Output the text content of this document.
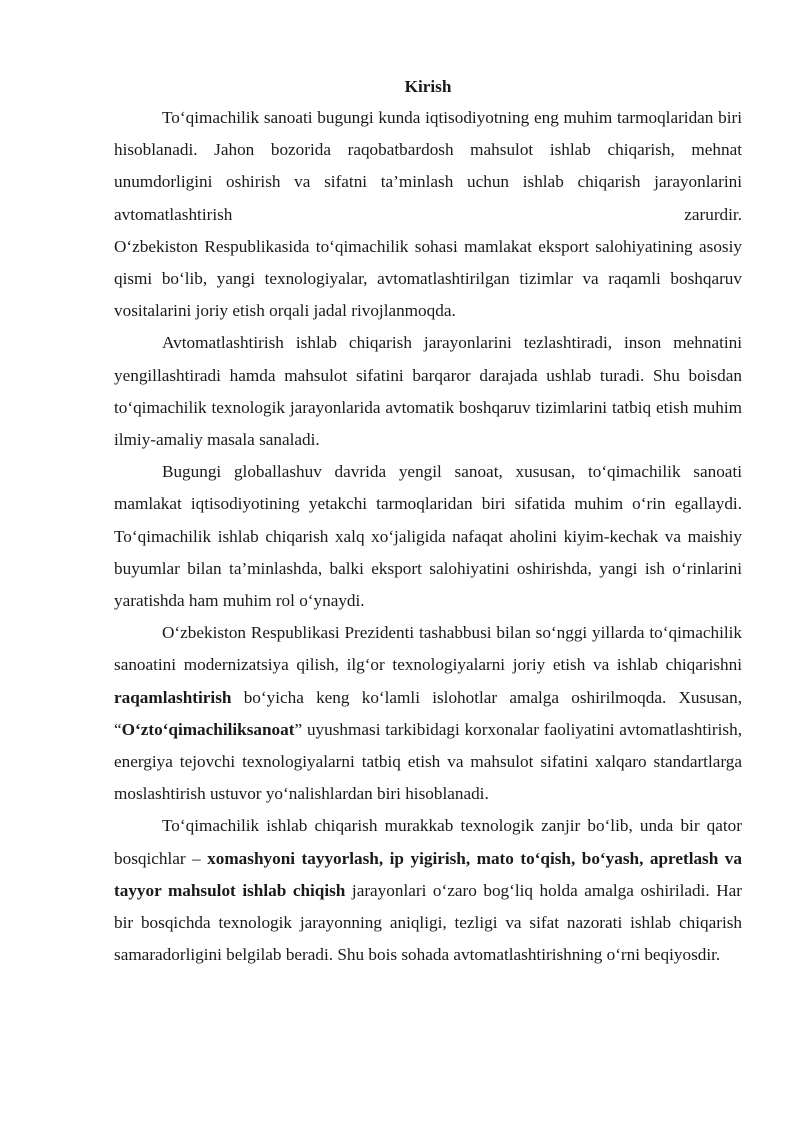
Kirish

To‘qimachilik sanoati bugungi kunda iqtisodiyotning eng muhim tarmoqlaridan biri hisoblanadi. Jahon bozorida raqobatbardosh mahsulot ishlab chiqarish, mehnat unumdorligini oshirish va sifatni ta’minlash uchun ishlab chiqarish jarayonlarini avtomatlashtirish zarurdir.

O‘zbekiston Respublikasida to‘qimachilik sohasi mamlakat eksport salohiyatining asosiy qismi bo‘lib, yangi texnologiyalar, avtomatlashtirilgan tizimlar va raqamli boshqaruv vositalarini joriy etish orqali jadal rivojlanmoqda.

Avtomatlashtirish ishlab chiqarish jarayonlarini tezlashtiradi, inson mehnatini yengillashtiradi hamda mahsulot sifatini barqaror darajada ushlab turadi. Shu boisdan to‘qimachilik texnologik jarayonlarida avtomatik boshqaruv tizimlarini tatbiq etish muhim ilmiy-amaliy masala sanaladi.

Bugungi globallashuv davrida yengil sanoat, xususan, to‘qimachilik sanoati mamlakat iqtisodiyotining yetakchi tarmoqlaridan biri sifatida muhim o‘rin egallaydi. To‘qimachilik ishlab chiqarish xalq xo‘jaligida nafaqat aholini kiyim-kechak va maishiy buyumlar bilan ta’minlashda, balki eksport salohiyatini oshirishda, yangi ish o‘rinlarini yaratishda ham muhim rol o‘ynaydi.

O‘zbekiston Respublikasi Prezidenti tashabbusi bilan so‘nggi yillarda to‘qimachilik sanoatini modernizatsiya qilish, ilg‘or texnologiyalarni joriy etish va ishlab chiqarishni raqamlashtirish bo‘yicha keng ko‘lamli islohotlar amalga oshirilmoqda. Xususan, “O‘zto‘qimachiliksanoat” uyushmasi tarkibidagi korxonalar faoliyatini avtomatlashtirish, energiya tejovchi texnologiyalarni tatbiq etish va mahsulot sifatini xalqaro standartlarga moslashtirish ustuvor yo‘nalishlardan biri hisoblanadi.

To‘qimachilik ishlab chiqarish murakkab texnologik zanjir bo‘lib, unda bir qator bosqichlar – xomashyoni tayyorlash, ip yigirish, mato to‘qish, bo‘yash, apretlash va tayyor mahsulot ishlab chiqish jarayonlari o‘zaro bog‘liq holda amalga oshiriladi. Har bir bosqichda texnologik jarayonning aniqligi, tezligi va sifat nazorati ishlab chiqarish samaradorligini belgilab beradi. Shu bois sohada avtomatlashtirishning o‘rni beqiyosdir.
